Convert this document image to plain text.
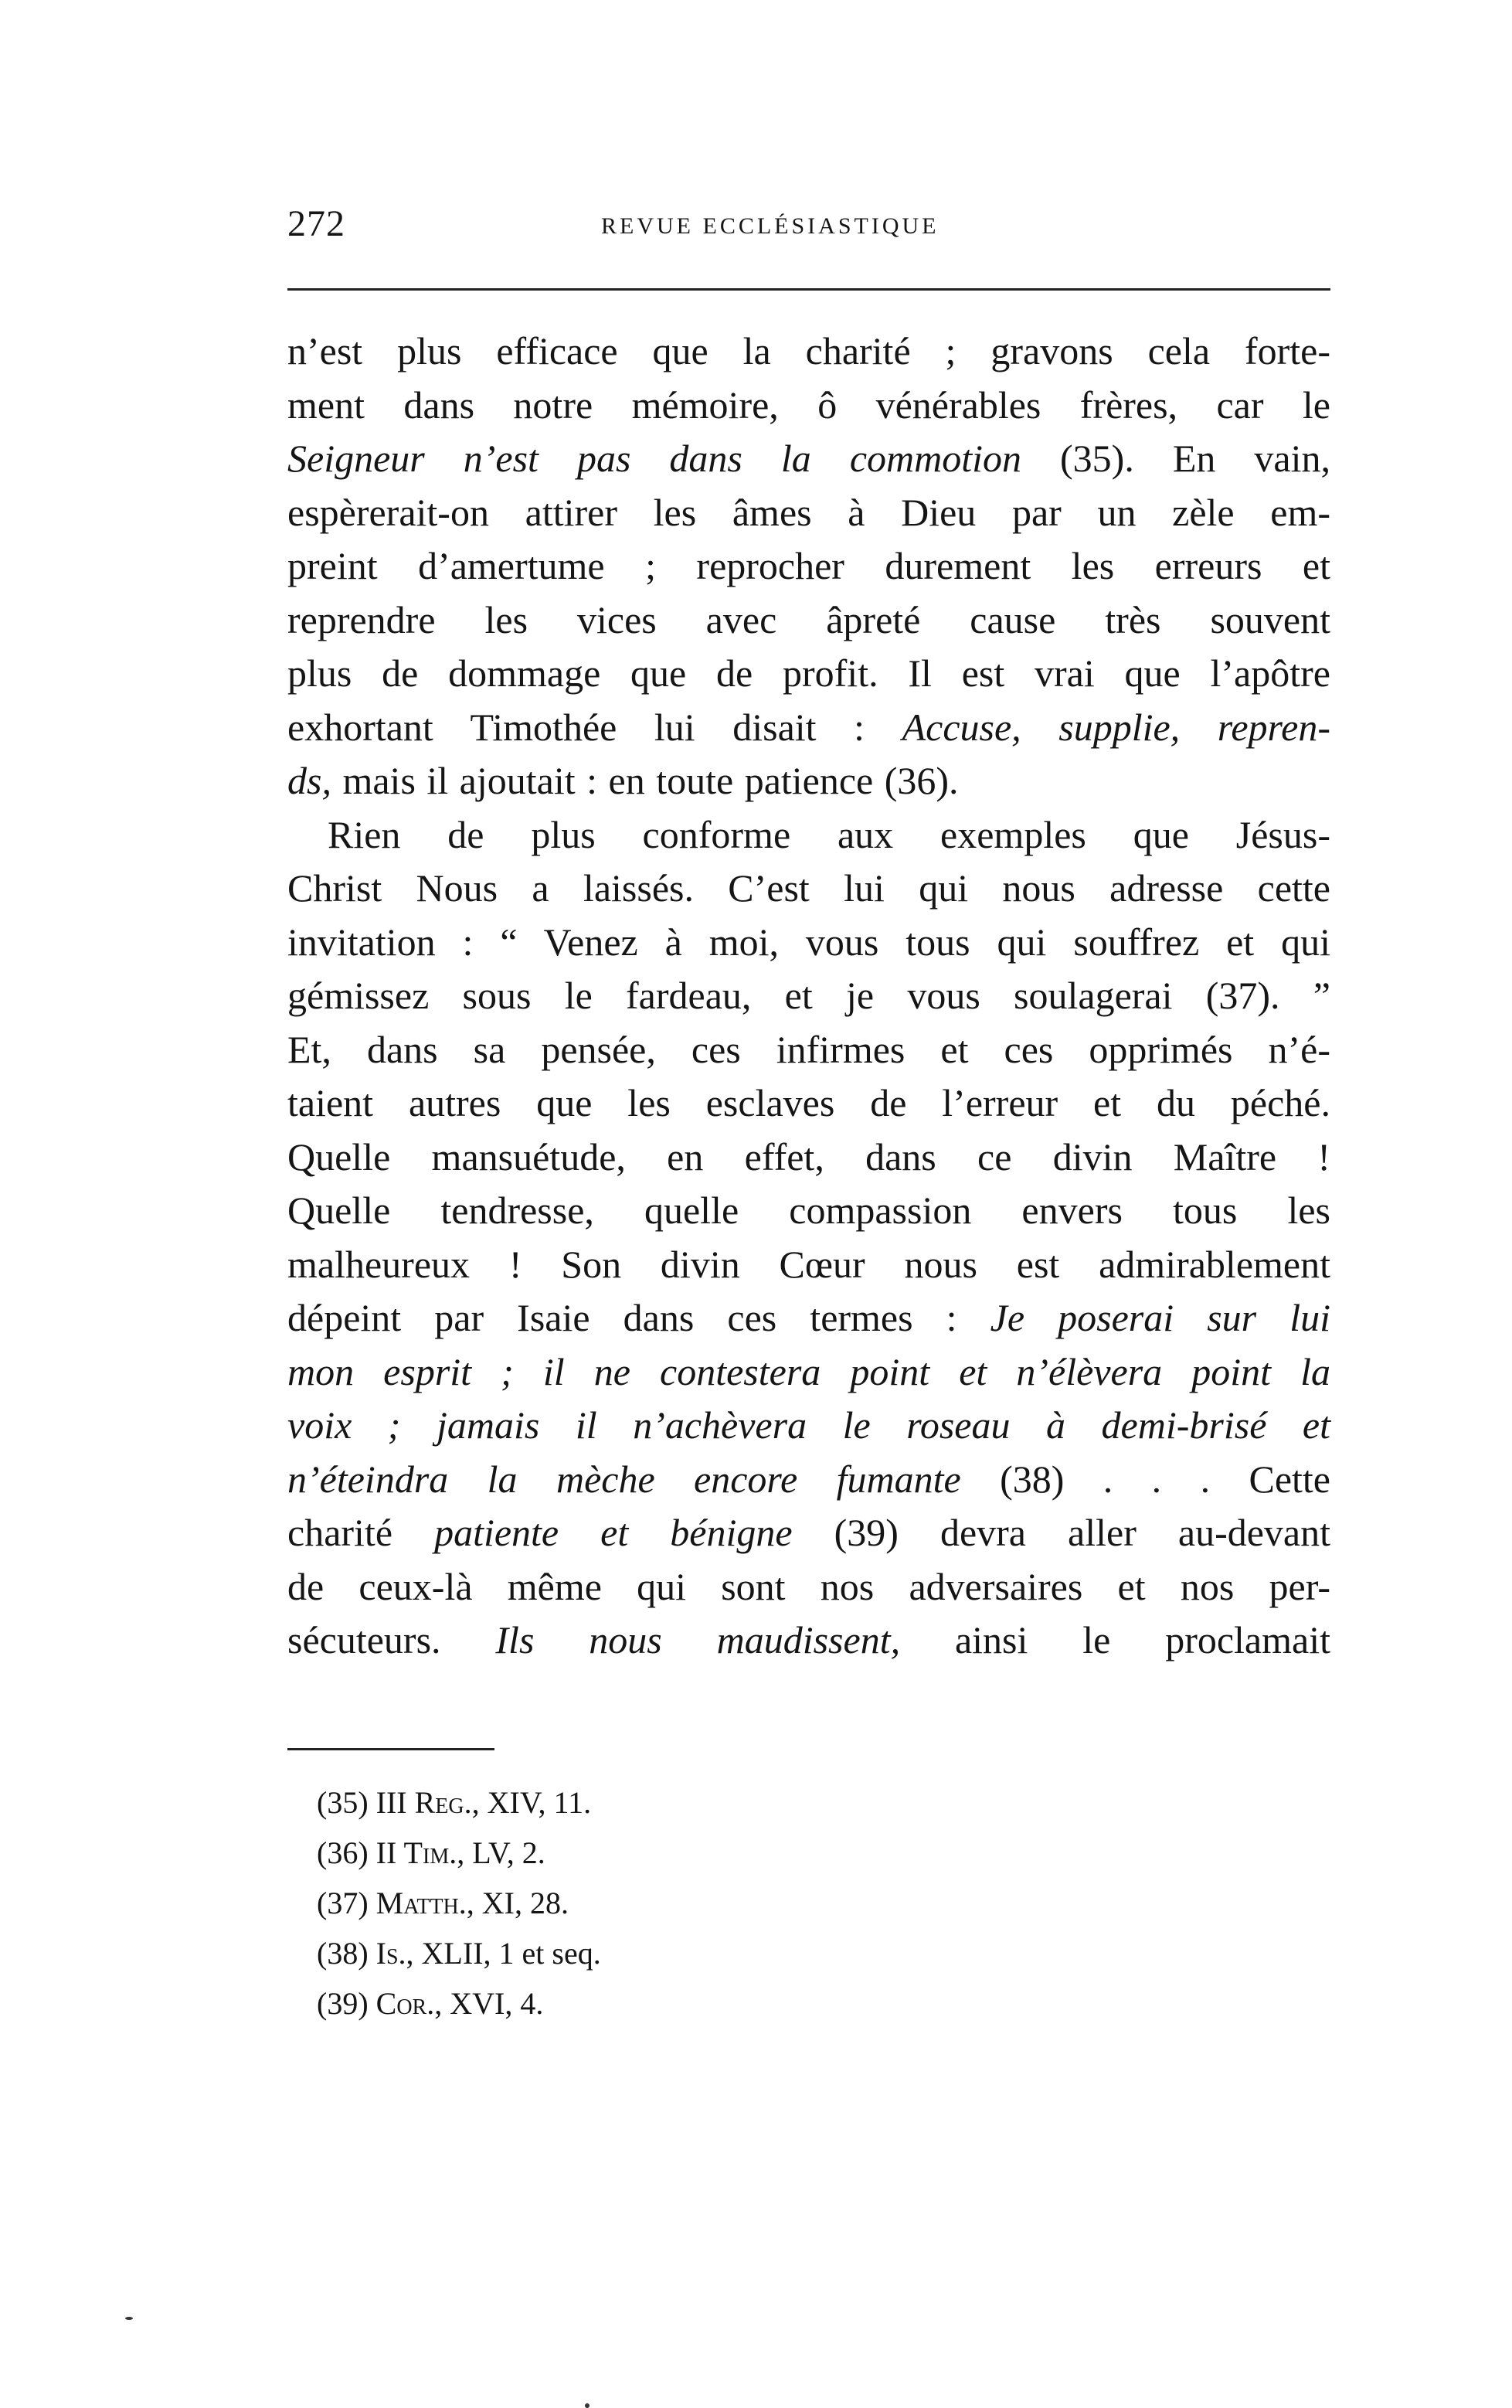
272	REVUE ECCLÉSIASTIQUE

n’est plus efficace que la charité ; gravons cela forte-
ment dans notre mémoire, ô vénérables frères, car le
Seigneur n’est pas dans la commotion (35). En vain,
espèrerait-on attirer les âmes à Dieu par un zèle em-
preint d’amertume ; reprocher durement les erreurs et
reprendre les vices avec âpreté cause très souvent
plus de dommage que de profit. Il est vrai que l’apôtre
exhortant Timothée lui disait : Accuse, supplie, repren-
ds, mais il ajoutait : en toute patience (36).

Rien de plus conforme aux exemples que Jésus-
Christ Nous a laissés. C’est lui qui nous adresse cette
invitation : “ Venez à moi, vous tous qui souffrez et qui
gémissez sous le fardeau, et je vous soulagerai (37). ”
Et, dans sa pensée, ces infirmes et ces opprimés n’é-
taient autres que les esclaves de l’erreur et du péché.
Quelle mansuétude, en effet, dans ce divin Maître !
Quelle tendresse, quelle compassion envers tous les
malheureux ! Son divin Cœur nous est admirablement
dépeint par Isaie dans ces termes : Je poserai sur lui
mon esprit ; il ne contestera point et n’élèvera point la
voix ; jamais il n’achèvera le roseau à demi-brisé et
n’éteindra la mèche encore fumante (38) . . . Cette
charité patiente et bénigne (39) devra aller au-devant
de ceux-là même qui sont nos adversaires et nos per-
sécuteurs. Ils nous maudissent, ainsi le proclamait

(35) III Reg., XIV, 11.
(36) II Tim., LV, 2.
(37) Matth., XI, 28.
(38) Is., XLII, 1 et seq.
(39) Cor., XVI, 4.
